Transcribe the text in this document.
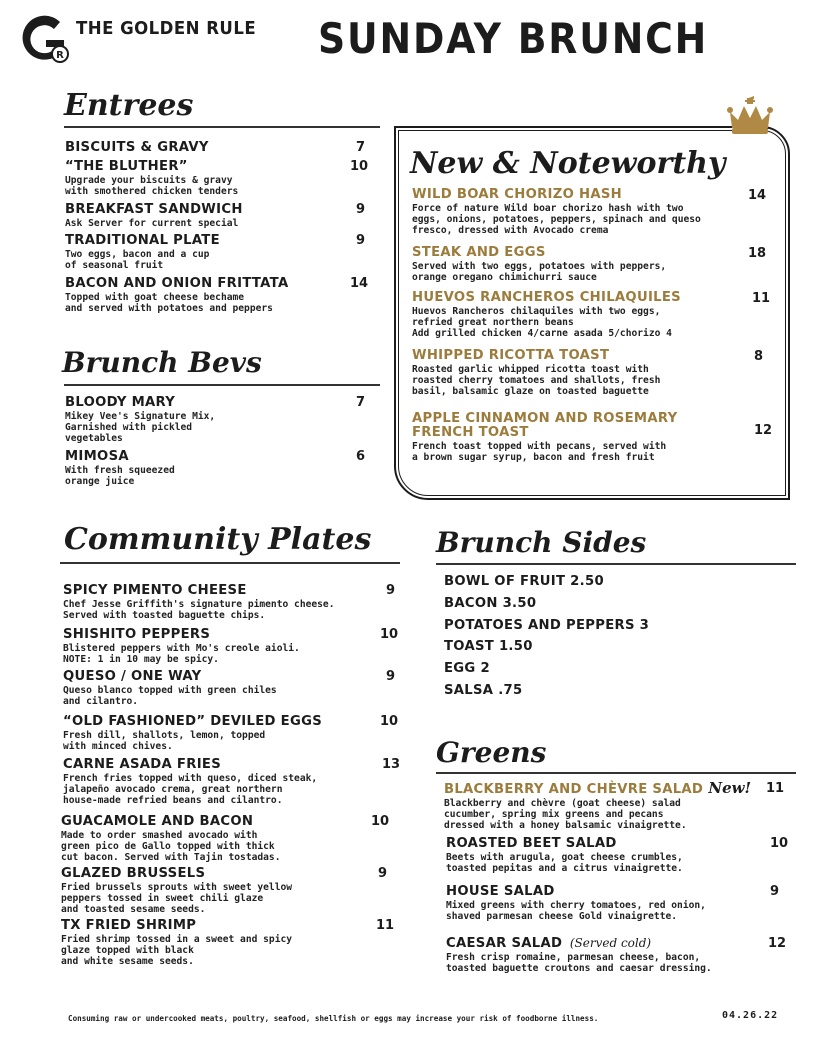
R
THE GOLDEN RULE SUNDAY BRUNCH
Entrees
BISCUITS & GRAVY	7
“THE BLUTHER”
Upgrade your biscuits & gravy
with smothered chicken tenders
10
BREAKFAST SANDWICH
Ask Server for current special
9
TRADITIONAL PLATE
Two eggs, bacon and a cup
of seasonal fruit
9
BACON AND ONION FRITTATA
Topped with goat cheese bechame
and served with potatoes and peppers
14
Brunch Bevs
BLOODY MARY
Mikey Vee's Signature Mix,
Garnished with pickled
vegetables
7
MIMOSA
With fresh squeezed
orange juice
6
New & Noteworthy
WILD BOAR CHORIZO HASH
Force of nature Wild boar chorizo hash with two
eggs, onions, potatoes, peppers, spinach and queso
fresco, dressed with Avocado crema
14
STEAK AND EGGS
Served with two eggs, potatoes with peppers,
orange oregano chimichurri sauce
18
HUEVOS RANCHEROS CHILAQUILES
Huevos Rancheros chilaquiles with two eggs,
refried great northern beans
Add grilled chicken 4/carne asada 5/chorizo 4
11
WHIPPED RICOTTA TOAST
Roasted garlic whipped ricotta toast with
roasted cherry tomatoes and shallots, fresh
basil, balsamic glaze on toasted baguette
8
APPLE CINNAMON AND ROSEMARY
FRENCH TOAST
French toast topped with pecans, served with
a brown sugar syrup, bacon and fresh fruit
12
Community Plates
SPICY PIMENTO CHEESE
Chef Jesse Griffith's signature pimento cheese.
Served with toasted baguette chips.
9
SHISHITO PEPPERS
Blistered peppers with Mo's creole aioli.
NOTE: 1 in 10 may be spicy.
10
QUESO / ONE WAY
Queso blanco topped with green chiles
and cilantro.
9
“OLD FASHIONED” DEVILED EGGS
Fresh dill, shallots, lemon, topped
with minced chives.
10
CARNE ASADA FRIES
French fries topped with queso, diced steak,
jalapeño avocado crema, great northern
house-made refried beans and cilantro.
13
GUACAMOLE AND BACON
Made to order smashed avocado with
green pico de Gallo topped with thick
cut bacon. Served with Tajin tostadas.
10
GLAZED BRUSSELS
Fried brussels sprouts with sweet yellow
peppers tossed in sweet chili glaze
and toasted sesame seeds.
9
TX FRIED SHRIMP
Fried shrimp tossed in a sweet and spicy
glaze topped with black
and white sesame seeds.
11
Brunch Sides
BOWL OF FRUIT 2.50
BACON 3.50
POTATOES AND PEPPERS 3
TOAST 1.50
EGG 2
SALSA .75
Greens
BLACKBERRY AND CHÈVRE SALAD New!
Blackberry and chèvre (goat cheese) salad
cucumber, spring mix greens and pecans
dressed with a honey balsamic vinaigrette.
11
ROASTED BEET SALAD
Beets with arugula, goat cheese crumbles,
toasted pepitas and a citrus vinaigrette.
10
HOUSE SALAD
Mixed greens with cherry tomatoes, red onion,
shaved parmesan cheese Gold vinaigrette.
9
CAESAR SALAD  (Served cold)
Fresh crisp romaine, parmesan cheese, bacon,
toasted baguette croutons and caesar dressing.
12
Consuming raw or undercooked meats, poultry, seafood, shellfish or eggs may increase your risk of foodborne illness.	04.26.22
